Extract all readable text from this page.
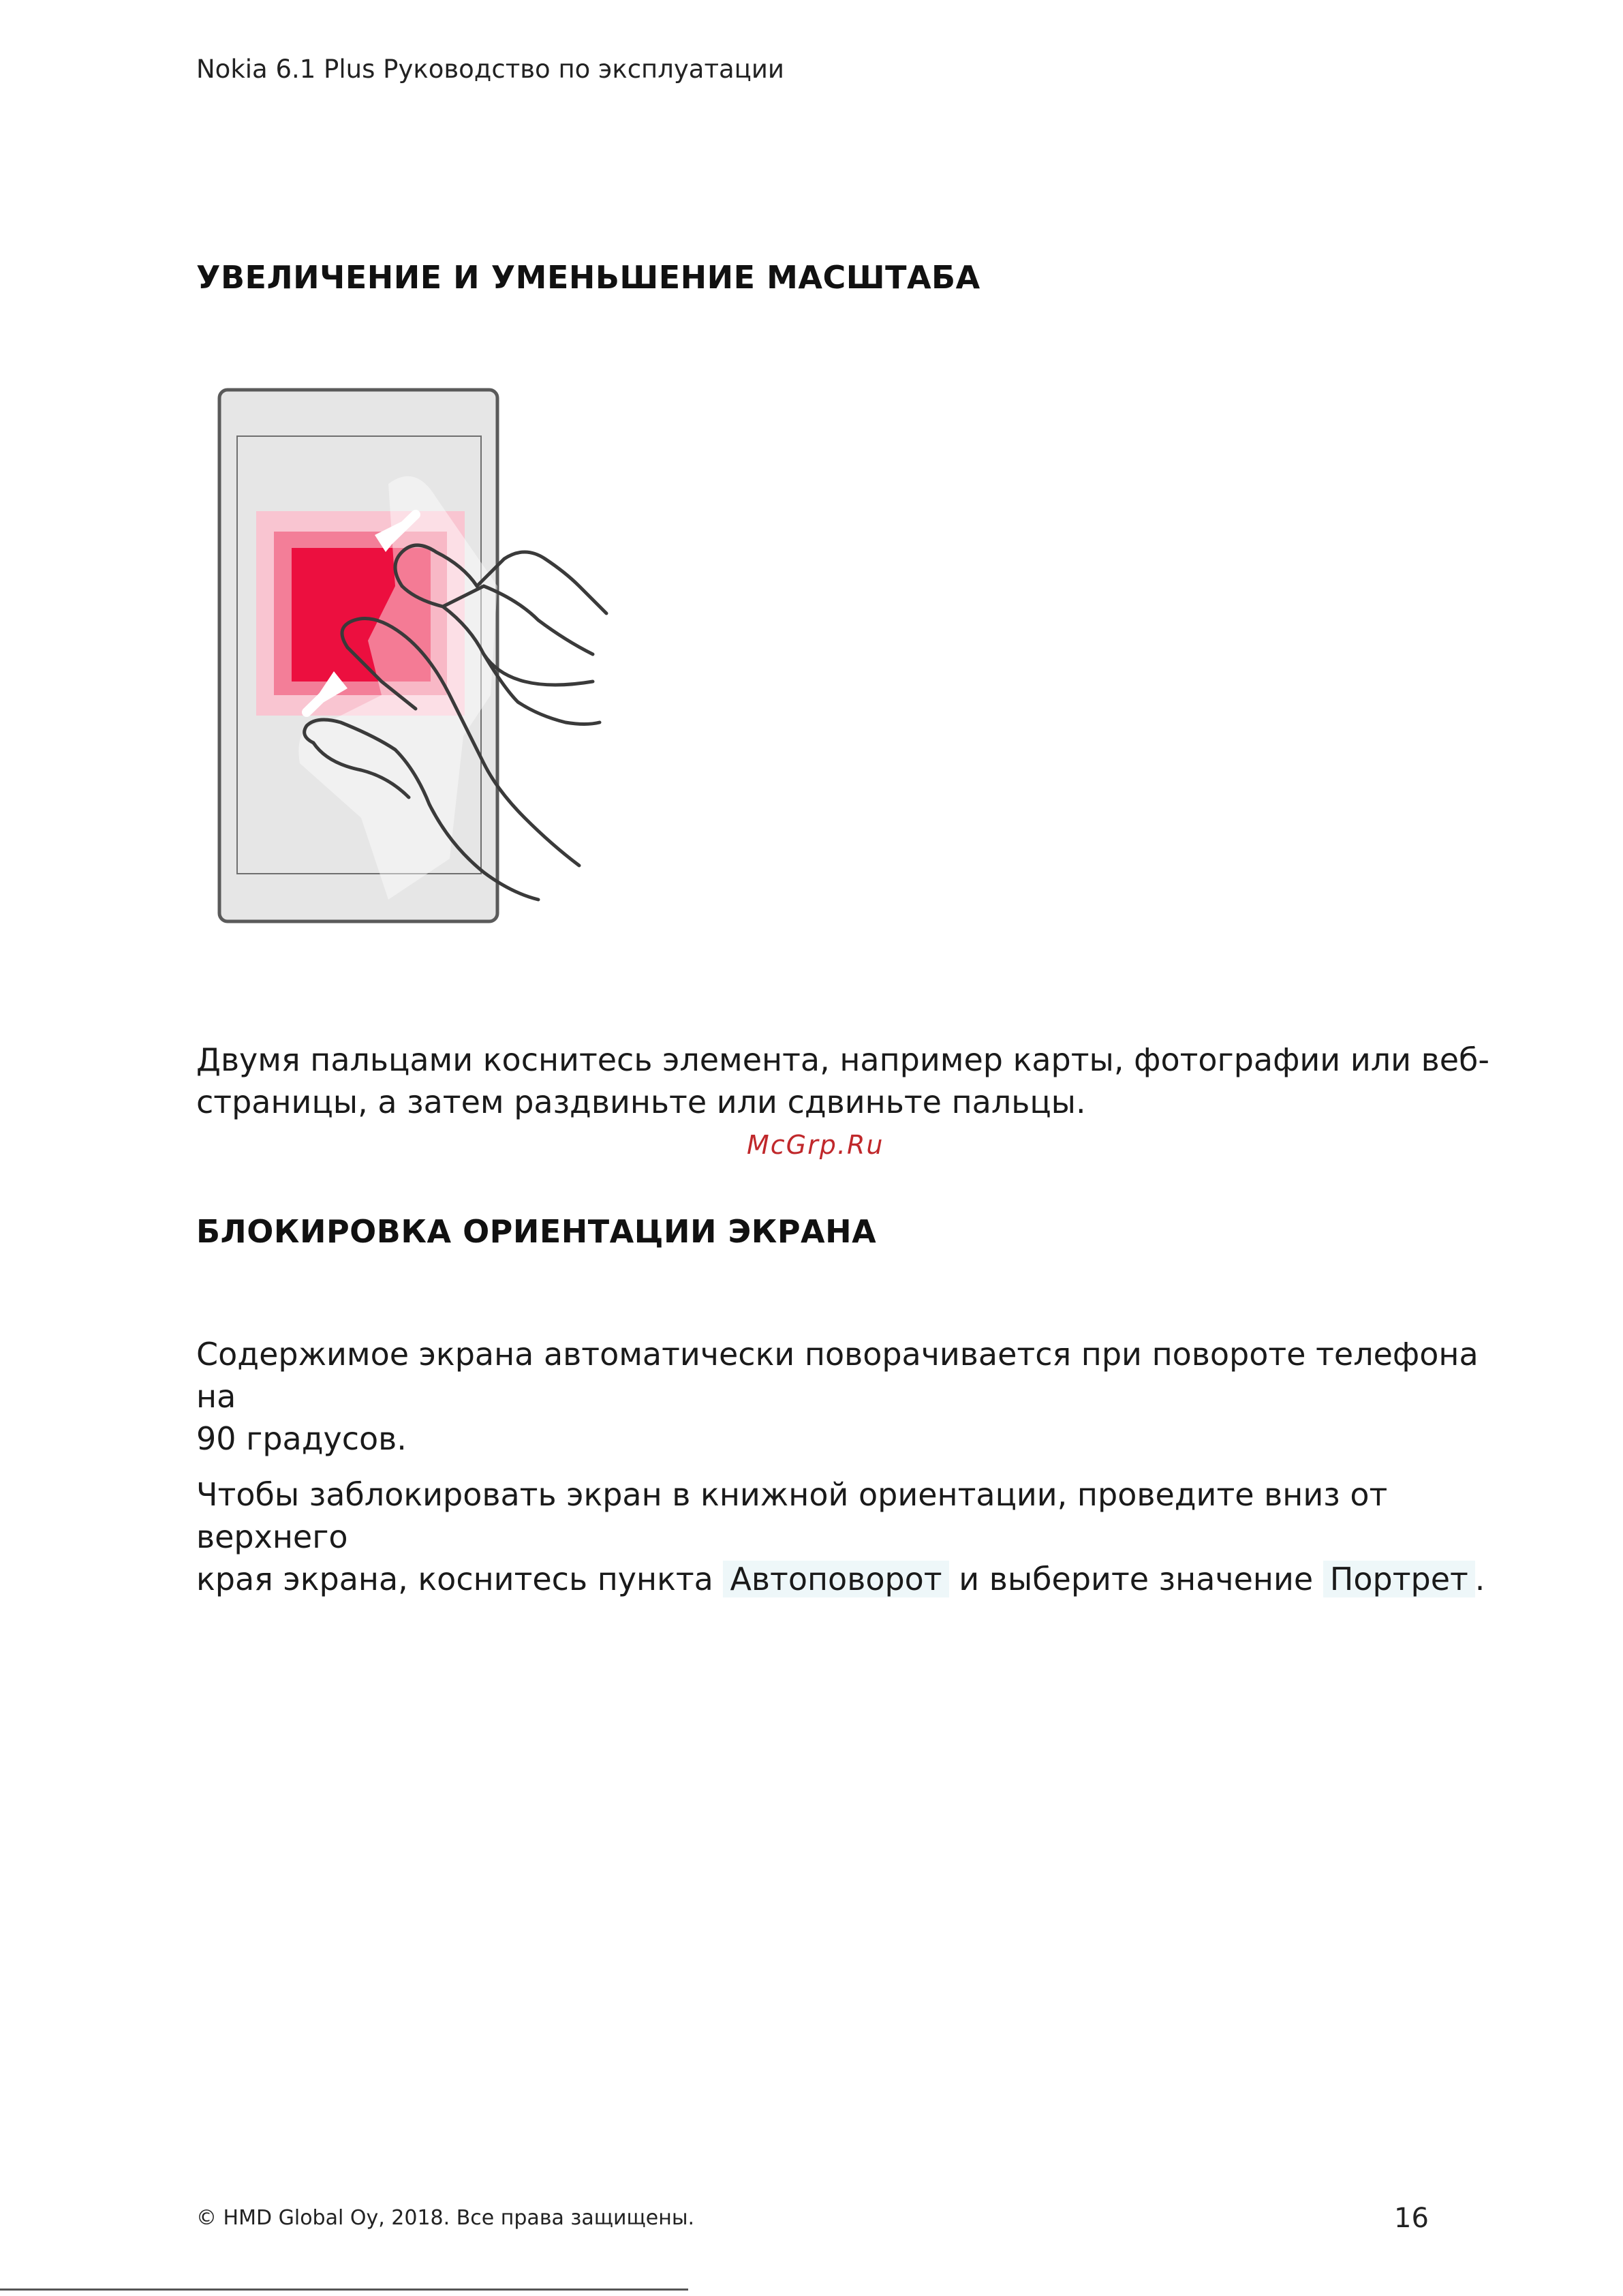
Nokia 6.1 Plus Руководство по эксплуатации
УВЕЛИЧЕНИЕ И УМЕНЬШЕНИЕ МАСШТАБА
Двумя пальцами коснитесь элемента, например карты, фотографии или веб-
страницы, а затем раздвиньте или сдвиньте пальцы.
McGrp.Ru
БЛОКИРОВКА ОРИЕНТАЦИИ ЭКРАНА
Содержимое экрана автоматически поворачивается при повороте телефона на
90 градусов.
Чтобы заблокировать экран в книжной ориентации, проведите вниз от верхнего
края экрана, коснитесь пункта Автоповорот и выберите значение Портрет .
© HMD Global Oy, 2018. Все права защищены.	16
